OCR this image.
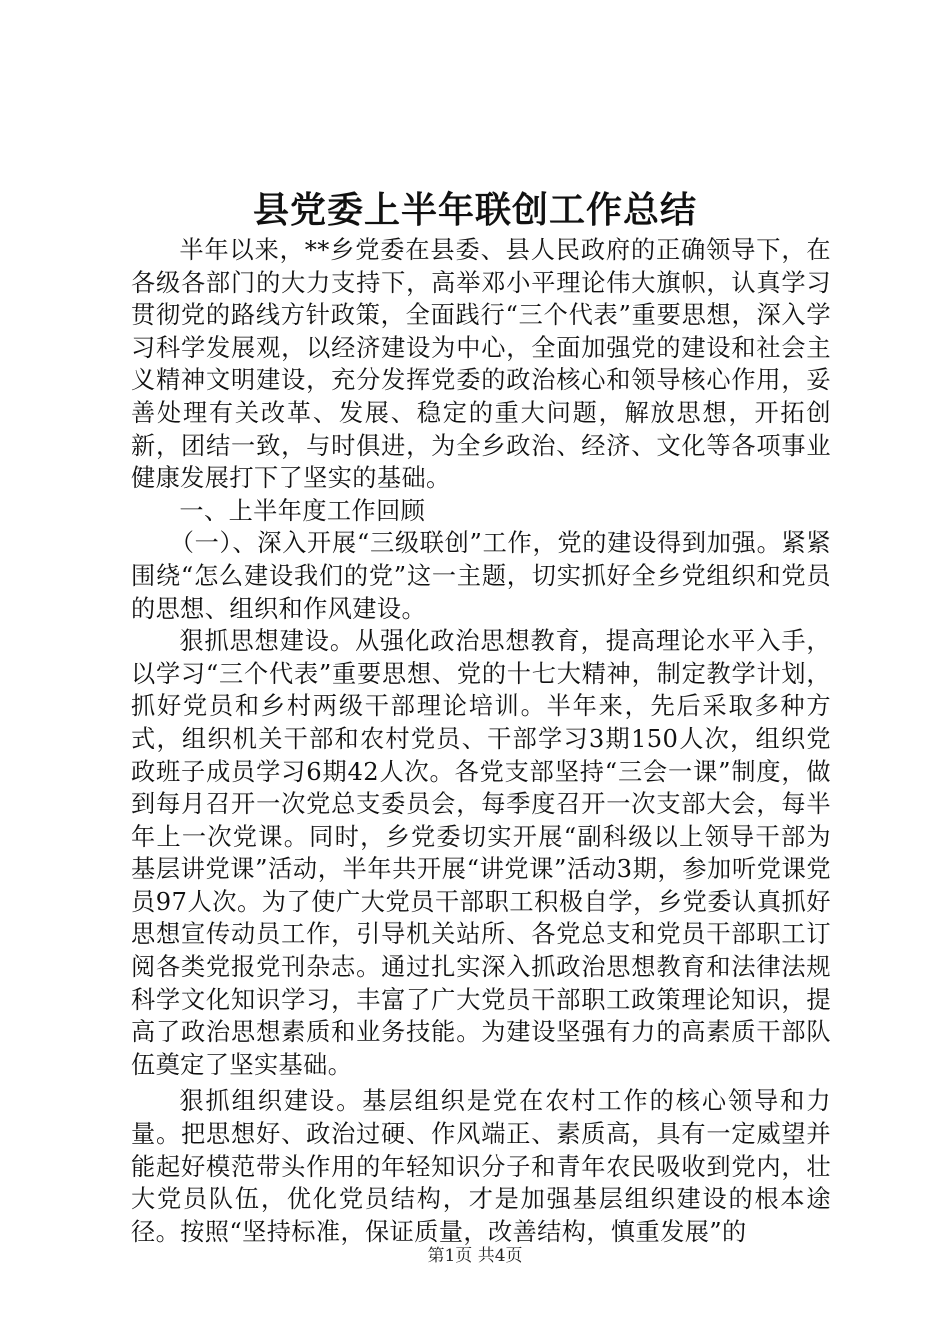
县党委上半年联创工作总结

半年以来，**乡党委在县委、县人民政府的正确领导下，在各级各部门的大力支持下，高举邓小平理论伟大旗帜，认真学习贯彻党的路线方针政策，全面践行“三个代表”重要思想，深入学习科学发展观，以经济建设为中心，全面加强党的建设和社会主义精神文明建设，充分发挥党委的政治核心和领导核心作用，妥善处理有关改革、发展、稳定的重大问题，解放思想，开拓创新，团结一致，与时俱进，为全乡政治、经济、文化等各项事业健康发展打下了坚实的基础。

一、上半年度工作回顾

（一）、深入开展“三级联创”工作，党的建设得到加强。紧紧围绕“怎么建设我们的党”这一主题，切实抓好全乡党组织和党员的思想、组织和作风建设。

狠抓思想建设。从强化政治思想教育，提高理论水平入手，以学习“三个代表”重要思想、党的十七大精神，制定教学计划，抓好党员和乡村两级干部理论培训。半年来，先后采取多种方式，组织机关干部和农村党员、干部学习3期150人次，组织党政班子成员学习6期42人次。各党支部坚持“三会一课”制度，做到每月召开一次党总支委员会，每季度召开一次支部大会，每半年上一次党课。同时，乡党委切实开展“副科级以上领导干部为基层讲党课”活动，半年共开展“讲党课”活动3期，参加听党课党员97人次。为了使广大党员干部职工积极自学，乡党委认真抓好思想宣传动员工作，引导机关站所、各党总支和党员干部职工订阅各类党报党刊杂志。通过扎实深入抓政治思想教育和法律法规科学文化知识学习，丰富了广大党员干部职工政策理论知识，提高了政治思想素质和业务技能。为建设坚强有力的高素质干部队伍奠定了坚实基础。

狠抓组织建设。基层组织是党在农村工作的核心领导和力量。把思想好、政治过硬、作风端正、素质高，具有一定威望并能起好模范带头作用的年轻知识分子和青年农民吸收到党内，壮大党员队伍，优化党员结构，才是加强基层组织建设的根本途径。按照“坚持标准，保证质量，改善结构，慎重发展”的

第1页 共4页
